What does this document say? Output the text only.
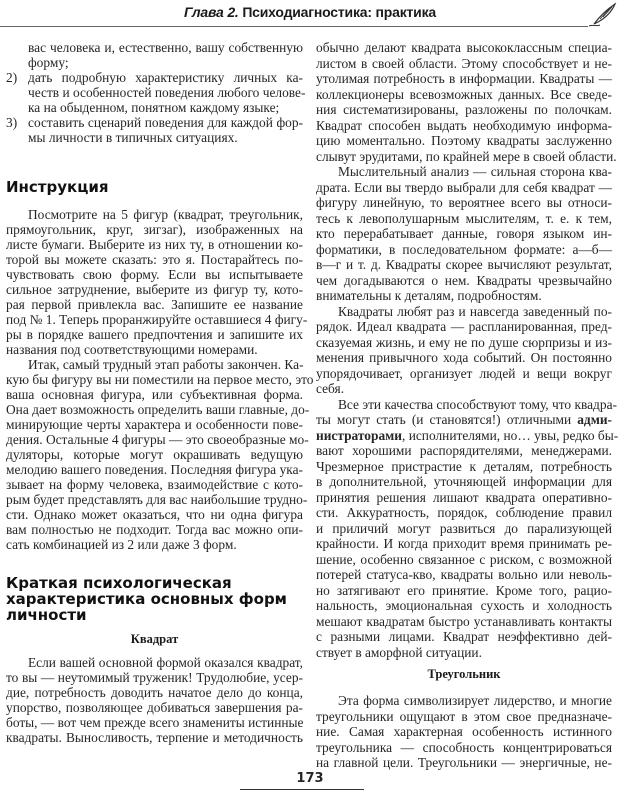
Глава 2. Психодиагностика: практика
вас человека и, естественно, вашу собственную
форму;
2) дать подробную характеристику личных ка-
честв и особенностей поведения любого челове-
ка на обыденном, понятном каждому языке;
3) составить сценарий поведения для каждой фор-
мы личности в типичных ситуациях.
Инструкция
Посмотрите на 5 фигур (квадрат, треугольник,
прямоугольник, круг, зигзаг), изображенных на
листе бумаги. Выберите из них ту, в отношении ко-
торой вы можете сказать: это я. Постарайтесь по-
чувствовать свою форму. Если вы испытываете
сильное затруднение, выберите из фигур ту, кото-
рая первой привлекла вас. Запишите ее название
под № 1. Теперь проранжируйте оставшиеся 4 фигу-
ры в порядке вашего предпочтения и запишите их
названия под соответствующими номерами.
Итак, самый трудный этап работы закончен. Ка-
кую бы фигуру вы ни поместили на первое место, это
ваша основная фигура, или субъективная форма.
Она дает возможность определить ваши главные, до-
минирующие черты характера и особенности пове-
дения. Остальные 4 фигуры — это своеобразные мо-
дуляторы, которые могут окрашивать ведущую
мелодию вашего поведения. Последняя фигура ука-
зывает на форму человека, взаимодействие с кото-
рым будет представлять для вас наибольшие трудно-
сти. Однако может оказаться, что ни одна фигура
вам полностью не подходит. Тогда вас можно опи-
сать комбинацией из 2 или даже 3 форм.
Краткая психологическая
характеристика основных форм
личности
Квадрат
Если вашей основной формой оказался квадрат,
то вы — неутомимый труженик! Трудолюбие, усер-
дие, потребность доводить начатое дело до конца,
упорство, позволяющее добиваться завершения ра-
боты, — вот чем прежде всего знамениты истинные
квадраты. Выносливость, терпение и методичность
обычно делают квадрата высококлассным специа-
листом в своей области. Этому способствует и не-
утолимая потребность в информации. Квадраты —
коллекционеры всевозможных данных. Все сведе-
ния систематизированы, разложены по полочкам.
Квадрат способен выдать необходимую информа-
цию моментально. Поэтому квадраты заслуженно
слывут эрудитами, по крайней мере в своей области.
Мыслительный анализ — сильная сторона ква-
драта. Если вы твердо выбрали для себя квадрат —
фигуру линейную, то вероятнее всего вы относи-
тесь к левополушарным мыслителям, т. е. к тем,
кто перерабатывает данные, говоря языком ин-
форматики, в последовательном формате: а—б—
в—г и т. д. Квадраты скорее вычисляют результат,
чем догадываются о нем. Квадраты чрезвычайно
внимательны к деталям, подробностям.
Квадраты любят раз и навсегда заведенный по-
рядок. Идеал квадрата — распланированная, пред-
сказуемая жизнь, и ему не по душе сюрпризы и из-
менения привычного хода событий. Он постоянно
упорядочивает, организует людей и вещи вокруг
себя.
Все эти качества способствуют тому, что квадра-
ты могут стать (и становятся!) отличными адми-
нистраторами, исполнителями, но… увы, редко бы-
вают хорошими распорядителями, менеджерами.
Чрезмерное пристрастие к деталям, потребность
в дополнительной, уточняющей информации для
принятия решения лишают квадрата оперативно-
сти. Аккуратность, порядок, соблюдение правил
и приличий могут развиться до парализующей
крайности. И когда приходит время принимать ре-
шение, особенно связанное с риском, с возможной
потерей статуса-кво, квадраты вольно или неволь-
но затягивают его принятие. Кроме того, рацио-
нальность, эмоциональная сухость и холодность
мешают квадратам быстро устанавливать контакты
с разными лицами. Квадрат неэффективно дей-
ствует в аморфной ситуации.
Треугольник
Эта форма символизирует лидерство, и многие
треугольники ощущают в этом свое предназначе-
ние. Самая характерная особенность истинного
треугольника — способность концентрироваться
на главной цели. Треугольники — энергичные, не-
173
